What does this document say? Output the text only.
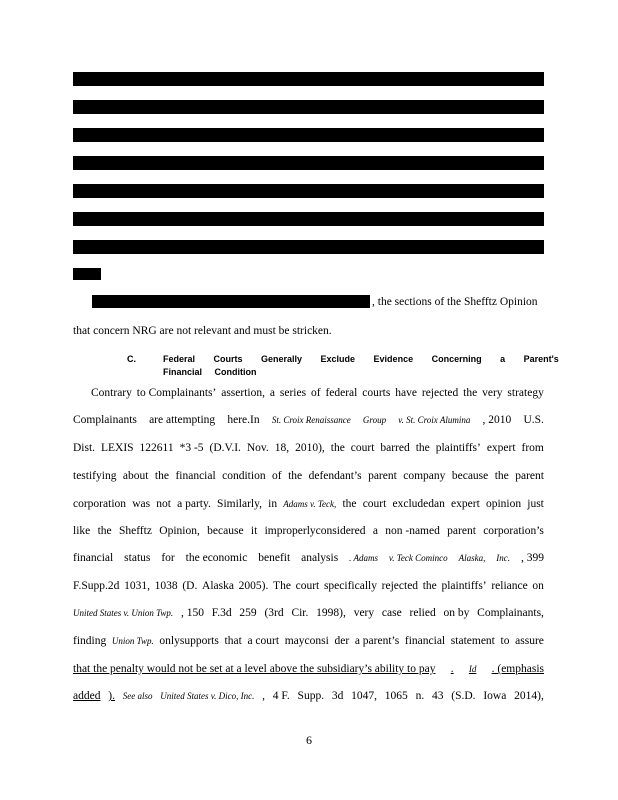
, the sections of the Shefftz Opinion
that concern NRG are not relevant and must be stricken.
C.	Federal Courts Generally Exclude Evidence Concerning a Parent's
Financial Condition
Contrary to Complainants’ assertion, a series of federal courts have rejected the very strategy
Complainants are attempting here.In St. Croix Renaissance Group v. St. Croix Alumina , 2010 U.S.
Dist. LEXIS 122611 *3 -5 (D.V.I. Nov. 18, 2010), the court barred the plaintiffs’ expert from
testifying about the financial condition of the defendant’s parent company because the parent
corporation was not a party. Similarly, in Adams v. Teck, the court excludedan expert opinion just
like the Shefftz Opinion, because it improperlyconsidered a non -named parent corporation’s
financial status for the economic benefit analysis . Adams v. Teck Cominco Alaska, Inc. , 399
F.Supp.2d 1031, 1038 (D. Alaska 2005). The court specifically rejected the plaintiffs’ reliance on
United States v. Union Twp. , 150 F.3d 259 (3rd Cir. 1998), very case relied on by Complainants,
finding Union Twp. onlysupports that a court mayconsi der a parent’s financial statement to assure
that the penalty would not be set at a level above the subsidiary’s ability to pay . Id . (emphasis
added ). See also United States v. Dico, Inc. , 4 F. Supp. 3d 1047, 1065 n. 43 (S.D. Iowa 2014),
6
